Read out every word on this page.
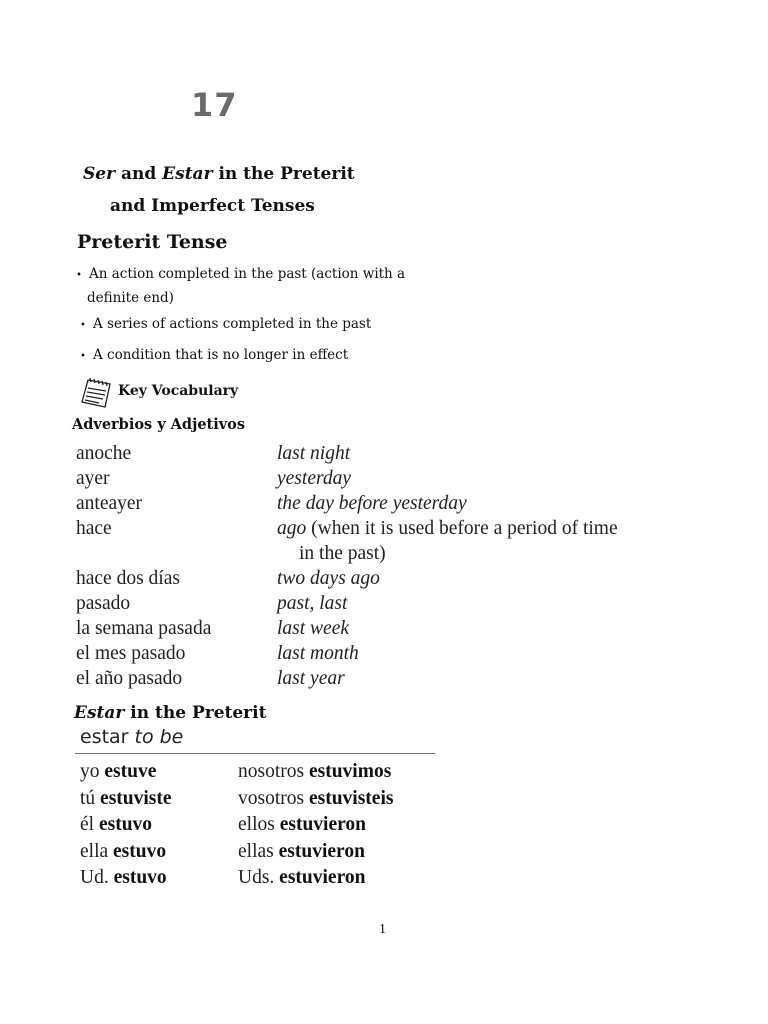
17
Ser and Estar in the Preterit
and Imperfect Tenses
Preterit Tense
• An action completed in the past (action with a
definite end)
• A series of actions completed in the past
• A condition that is no longer in effect
Key Vocabulary
Adverbios y Adjetivos
anoche	last night
ayer	yesterday
anteayer	the day before yesterday
hace	ago (when it is used before a period of time
in the past)
hace dos días	two days ago
pasado	past, last
la semana pasada	last week
el mes pasado	last month
el año pasado	last year
Estar in the Preterit
estar to be
yo estuve	nosotros estuvimos
tú estuviste	vosotros estuvisteis
él estuvo	ellos estuvieron
ella estuvo	ellas estuvieron
Ud. estuvo	Uds. estuvieron
1
